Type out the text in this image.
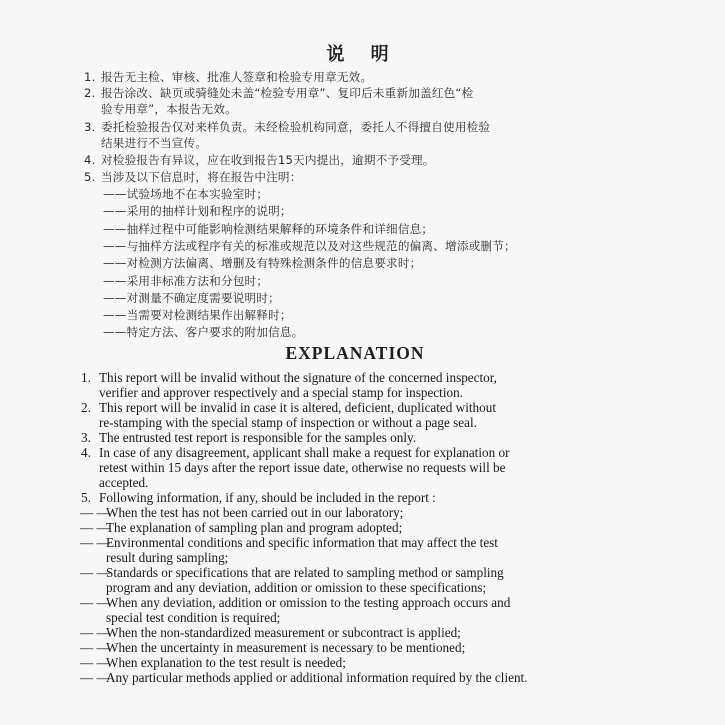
说 明
1. 报告无主检、审核、批准人签章和检验专用章无效。
2. 报告涂改、缺页或骑缝处未盖“检验专用章”、复印后未重新加盖红色“检
验专用章”，本报告无效。
3. 委托检验报告仅对来样负责。未经检验机构同意，委托人不得擅自使用检验
结果进行不当宣传。
4. 对检验报告有异议，应在收到报告15天内提出，逾期不予受理。
5. 当涉及以下信息时，将在报告中注明：
——试验场地不在本实验室时；
——采用的抽样计划和程序的说明；
——抽样过程中可能影响检测结果解释的环境条件和详细信息；
——与抽样方法或程序有关的标准或规范以及对这些规范的偏离、增添或删节；
——对检测方法偏离、增删及有特殊检测条件的信息要求时；
——采用非标准方法和分包时；
——对测量不确定度需要说明时；
——当需要对检测结果作出解释时；
——特定方法、客户要求的附加信息。
EXPLANATION
1. This report will be invalid without the signature of the concerned inspector,
verifier and approver respectively and a special stamp for inspection.
2. This report will be invalid in case it is altered, deficient, duplicated without
re-stamping with the special stamp of inspection or without a page seal.
3. The entrusted test report is responsible for the samples only.
4. In case of any disagreement, applicant shall make a request for explanation or
retest within 15 days after the report issue date, otherwise no requests will be
accepted.
5. Following information, if any, should be included in the report :
— —
When the test has not been carried out in our laboratory;
— —
The explanation of sampling plan and program adopted;
— —
Environmental conditions and specific information that may affect the test
result during sampling;
— —
Standards or specifications that are related to sampling method or sampling
program and any deviation, addition or omission to these specifications;
— —
When any deviation, addition or omission to the testing approach occurs and
special test condition is required;
— —
When the non-standardized measurement or subcontract is applied;
— —
When the uncertainty in measurement is necessary to be mentioned;
— —
When explanation to the test result is needed;
— —
Any particular methods applied or additional information required by the client.
